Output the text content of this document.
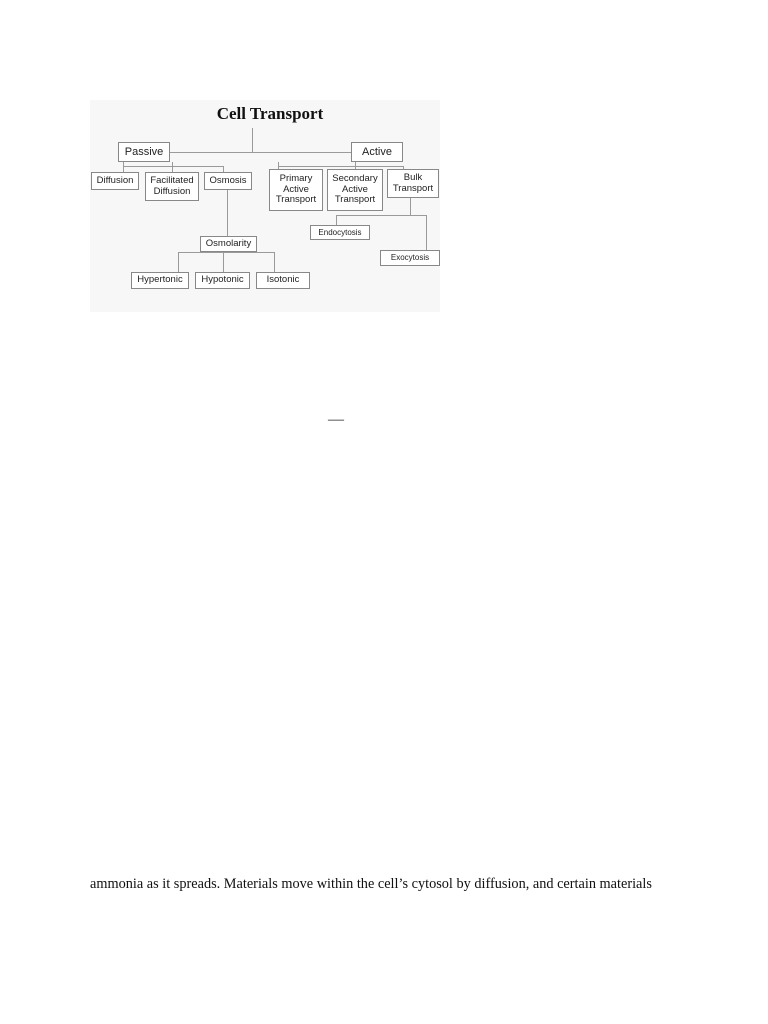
Cell Transport
Passive	Active
Diffusion	Facilitated
Diffusion
Osmosis	Primary
Active
Transport
Secondary
Active
Transport
Bulk
Transport
Osmolarity
Hypertonic	Hypotonic	Isotonic
Endocytosis
Exocytosis
—
ammonia as it spreads. Materials move within the cell’s cytosol by diffusion, and certain materials
